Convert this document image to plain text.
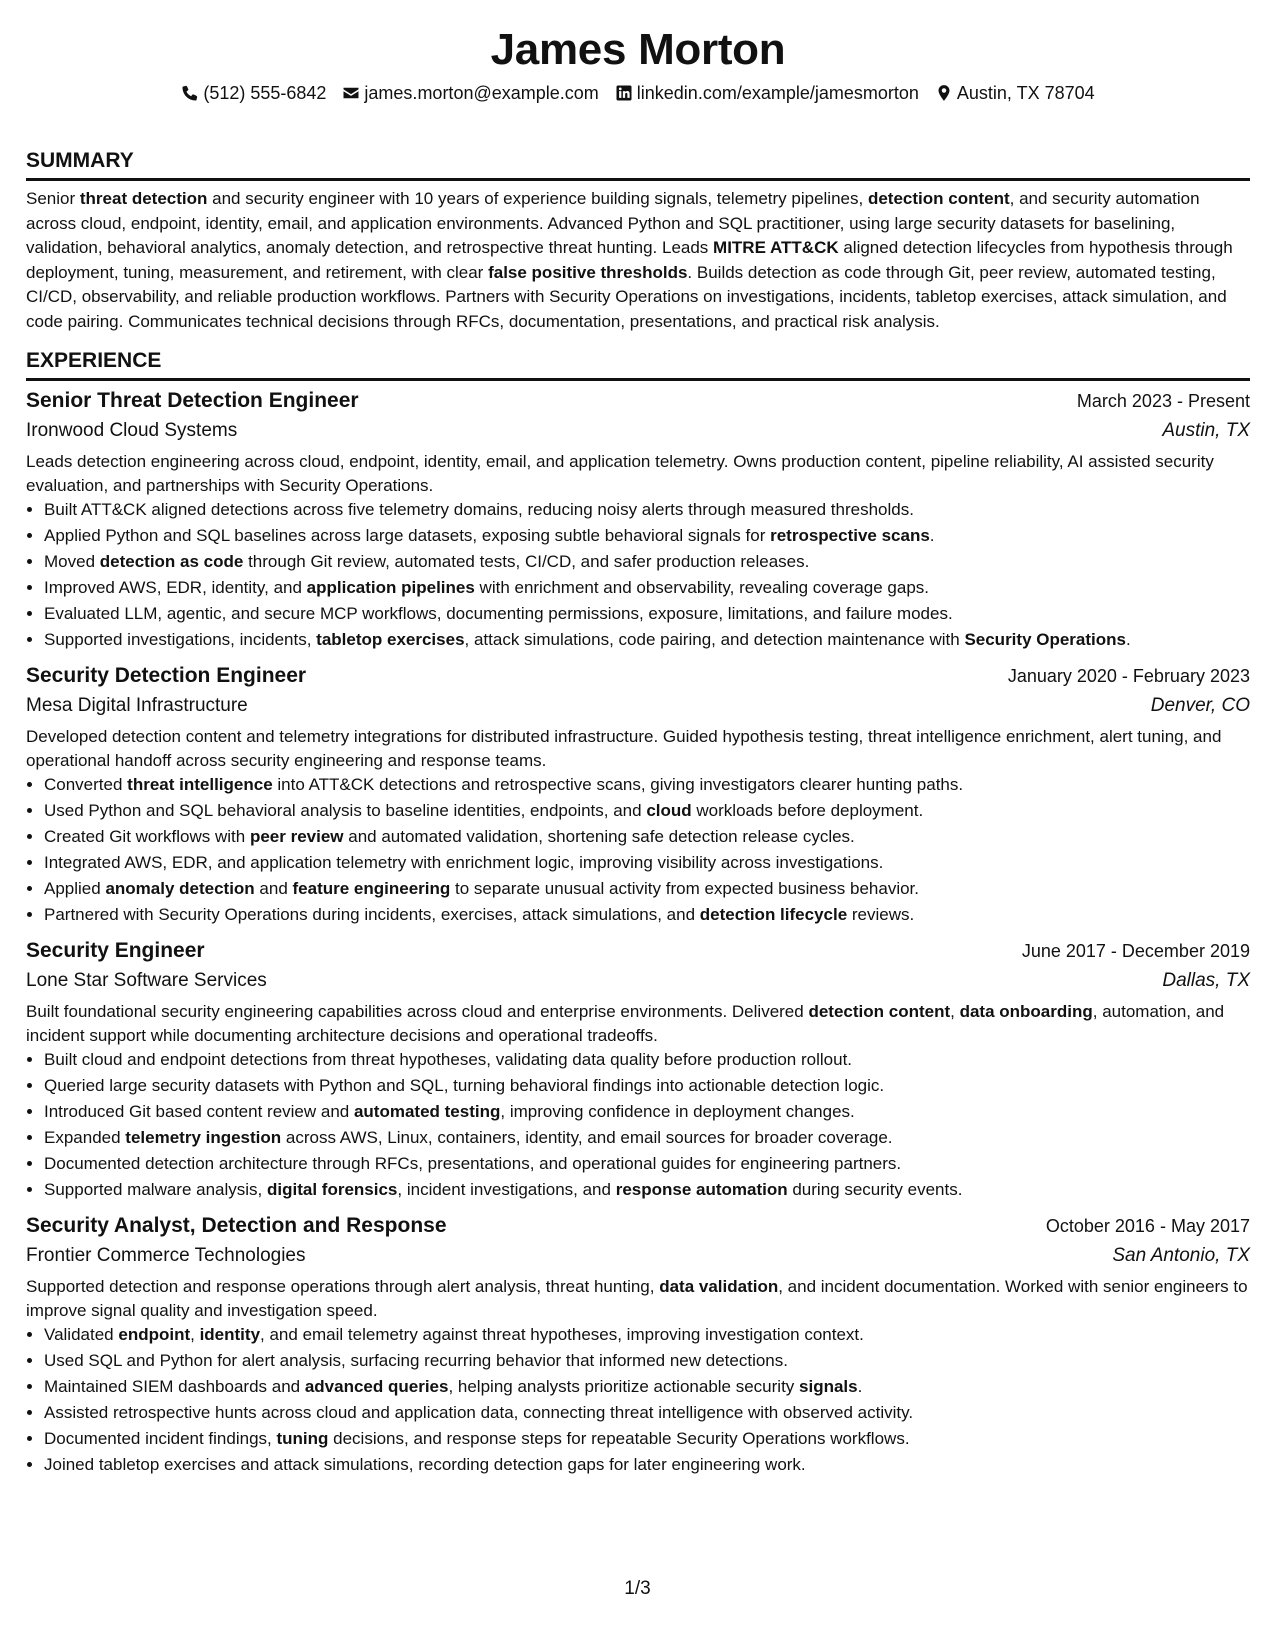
James Morton
(512) 555-6842 james.morton@example.com linkedin.com/example/jamesmorton Austin, TX 78704
SUMMARY
Senior threat detection and security engineer with 10 years of experience building signals, telemetry pipelines, detection content, and security automation across cloud, endpoint, identity, email, and application environments. Advanced Python and SQL practitioner, using large security datasets for baselining, validation, behavioral analytics, anomaly detection, and retrospective threat hunting. Leads MITRE ATT&CK aligned detection lifecycles from hypothesis through deployment, tuning, measurement, and retirement, with clear false positive thresholds. Builds detection as code through Git, peer review, automated testing, CI/CD, observability, and reliable production workflows. Partners with Security Operations on investigations, incidents, tabletop exercises, attack simulation, and code pairing. Communicates technical decisions through RFCs, documentation, presentations, and practical risk analysis.
EXPERIENCE
Senior Threat Detection Engineer	March 2023 - Present
Ironwood Cloud Systems	Austin, TX
Leads detection engineering across cloud, endpoint, identity, email, and application telemetry. Owns production content, pipeline reliability, AI assisted security evaluation, and partnerships with Security Operations.
• Built ATT&CK aligned detections across five telemetry domains, reducing noisy alerts through measured thresholds.
• Applied Python and SQL baselines across large datasets, exposing subtle behavioral signals for retrospective scans.
• Moved detection as code through Git review, automated tests, CI/CD, and safer production releases.
• Improved AWS, EDR, identity, and application pipelines with enrichment and observability, revealing coverage gaps.
• Evaluated LLM, agentic, and secure MCP workflows, documenting permissions, exposure, limitations, and failure modes.
• Supported investigations, incidents, tabletop exercises, attack simulations, code pairing, and detection maintenance with Security Operations.
Security Detection Engineer	January 2020 - February 2023
Mesa Digital Infrastructure	Denver, CO
Developed detection content and telemetry integrations for distributed infrastructure. Guided hypothesis testing, threat intelligence enrichment, alert tuning, and operational handoff across security engineering and response teams.
• Converted threat intelligence into ATT&CK detections and retrospective scans, giving investigators clearer hunting paths.
• Used Python and SQL behavioral analysis to baseline identities, endpoints, and cloud workloads before deployment.
• Created Git workflows with peer review and automated validation, shortening safe detection release cycles.
• Integrated AWS, EDR, and application telemetry with enrichment logic, improving visibility across investigations.
• Applied anomaly detection and feature engineering to separate unusual activity from expected business behavior.
• Partnered with Security Operations during incidents, exercises, attack simulations, and detection lifecycle reviews.
Security Engineer	June 2017 - December 2019
Lone Star Software Services	Dallas, TX
Built foundational security engineering capabilities across cloud and enterprise environments. Delivered detection content, data onboarding, automation, and incident support while documenting architecture decisions and operational tradeoffs.
• Built cloud and endpoint detections from threat hypotheses, validating data quality before production rollout.
• Queried large security datasets with Python and SQL, turning behavioral findings into actionable detection logic.
• Introduced Git based content review and automated testing, improving confidence in deployment changes.
• Expanded telemetry ingestion across AWS, Linux, containers, identity, and email sources for broader coverage.
• Documented detection architecture through RFCs, presentations, and operational guides for engineering partners.
• Supported malware analysis, digital forensics, incident investigations, and response automation during security events.
Security Analyst, Detection and Response	October 2016 - May 2017
Frontier Commerce Technologies	San Antonio, TX
Supported detection and response operations through alert analysis, threat hunting, data validation, and incident documentation. Worked with senior engineers to improve signal quality and investigation speed.
• Validated endpoint, identity, and email telemetry against threat hypotheses, improving investigation context.
• Used SQL and Python for alert analysis, surfacing recurring behavior that informed new detections.
• Maintained SIEM dashboards and advanced queries, helping analysts prioritize actionable security signals.
• Assisted retrospective hunts across cloud and application data, connecting threat intelligence with observed activity.
• Documented incident findings, tuning decisions, and response steps for repeatable Security Operations workflows.
• Joined tabletop exercises and attack simulations, recording detection gaps for later engineering work.
1/3
